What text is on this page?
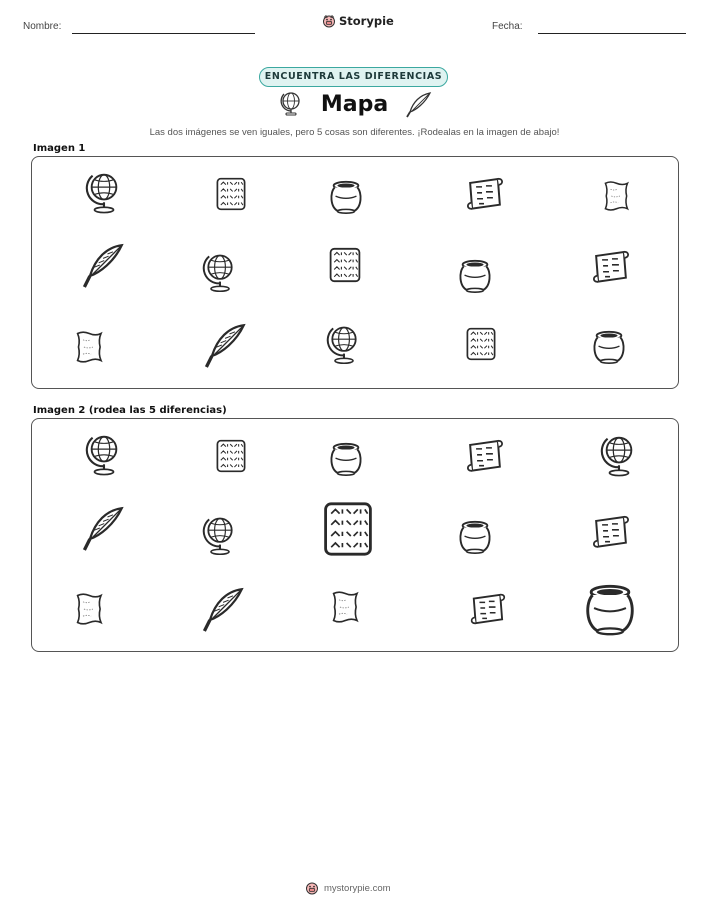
Nombre:	Storypie	Fecha:
ENCUENTRA LAS DIFERENCIAS
Mapa
Las dos imágenes se ven iguales, pero 5 cosas son diferentes. ¡Rodealas en la imagen de abajo!
Imagen 1
Imagen 2 (rodea las 5 diferencias)
mystorypie.com
